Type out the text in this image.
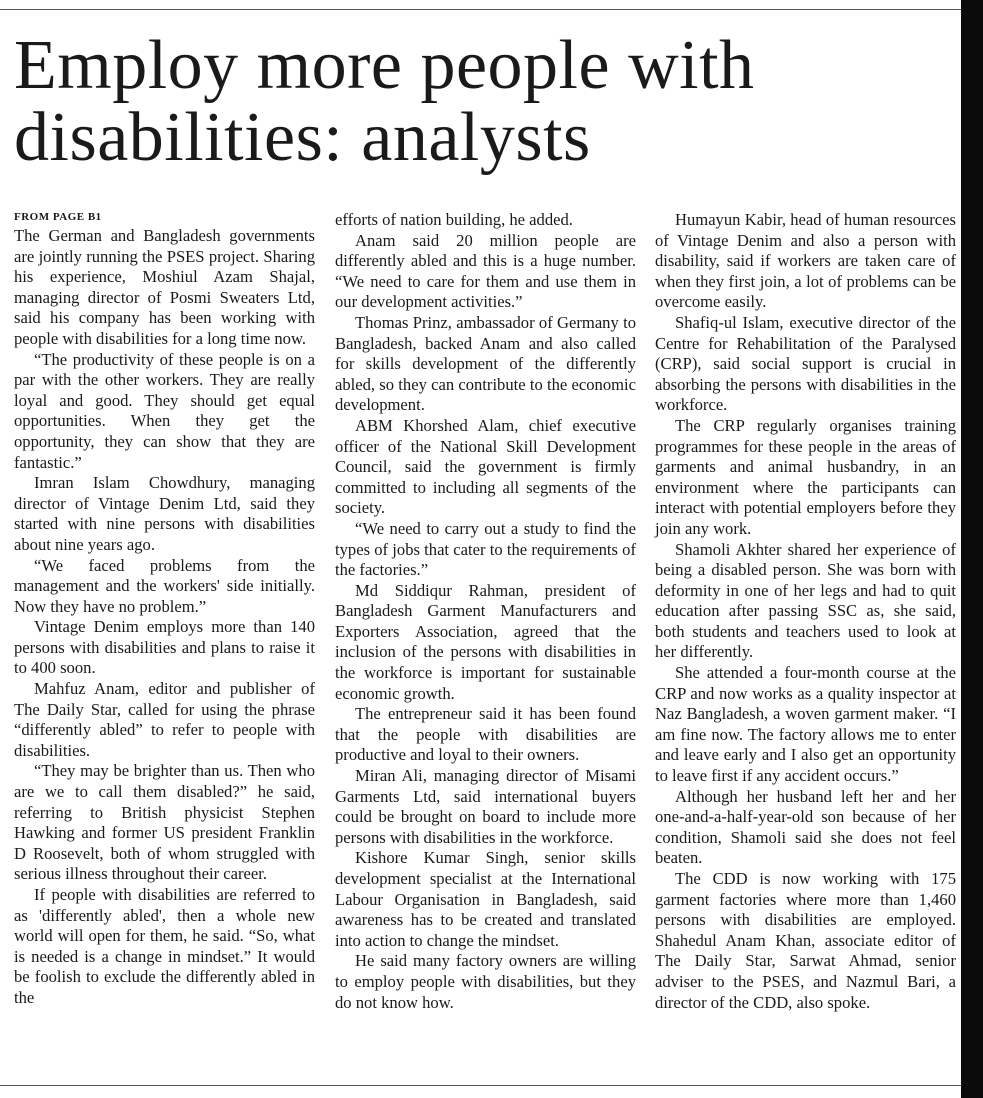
Employ more people with disabilities: analysts
FROM PAGE B1

The German and Bangladesh governments are jointly running the PSES project. Sharing his experience, Moshiul Azam Shajal, managing director of Posmi Sweaters Ltd, said his company has been working with people with disabilities for a long time now.

“The productivity of these people is on a par with the other workers. They are really loyal and good. They should get equal opportunities. When they get the opportunity, they can show that they are fantastic.”

Imran Islam Chowdhury, managing director of Vintage Denim Ltd, said they started with nine persons with disabilities about nine years ago.

“We faced problems from the management and the workers' side initially. Now they have no problem.”

Vintage Denim employs more than 140 persons with disabilities and plans to raise it to 400 soon.

Mahfuz Anam, editor and publisher of The Daily Star, called for using the phrase “differently abled” to refer to people with disabilities.

“They may be brighter than us. Then who are we to call them disabled?” he said, referring to British physicist Stephen Hawking and former US president Franklin D Roosevelt, both of whom struggled with serious illness throughout their career.

If people with disabilities are referred to as 'differently abled', then a whole new world will open for them, he said. “So, what is needed is a change in mindset.” It would be foolish to exclude the differently abled in the

efforts of nation building, he added.

Anam said 20 million people are differently abled and this is a huge number. “We need to care for them and use them in our development activities.”

Thomas Prinz, ambassador of Germany to Bangladesh, backed Anam and also called for skills development of the differently abled, so they can contribute to the economic development.

ABM Khorshed Alam, chief executive officer of the National Skill Development Council, said the government is firmly committed to including all segments of the society.

“We need to carry out a study to find the types of jobs that cater to the requirements of the factories.”

Md Siddiqur Rahman, president of Bangladesh Garment Manufacturers and Exporters Association, agreed that the inclusion of the persons with disabilities in the workforce is important for sustainable economic growth.

The entrepreneur said it has been found that the people with disabilities are productive and loyal to their owners.

Miran Ali, managing director of Misami Garments Ltd, said international buyers could be brought on board to include more persons with disabilities in the workforce.

Kishore Kumar Singh, senior skills development specialist at the International Labour Organisation in Bangladesh, said awareness has to be created and translated into action to change the mindset.

He said many factory owners are willing to employ people with disabilities, but they do not know how.

Humayun Kabir, head of human resources of Vintage Denim and also a person with disability, said if workers are taken care of when they first join, a lot of problems can be overcome easily.

Shafiq-ul Islam, executive director of the Centre for Rehabilitation of the Paralysed (CRP), said social support is crucial in absorbing the persons with disabilities in the workforce.

The CRP regularly organises training programmes for these people in the areas of garments and animal husbandry, in an environment where the participants can interact with potential employers before they join any work.

Shamoli Akhter shared her experience of being a disabled person. She was born with deformity in one of her legs and had to quit education after passing SSC as, she said, both students and teachers used to look at her differently.

She attended a four-month course at the CRP and now works as a quality inspector at Naz Bangladesh, a woven garment maker. “I am fine now. The factory allows me to enter and leave early and I also get an opportunity to leave first if any accident occurs.”

Although her husband left her and her one-and-a-half-year-old son because of her condition, Shamoli said she does not feel beaten.

The CDD is now working with 175 garment factories where more than 1,460 persons with disabilities are employed. Shahedul Anam Khan, associate editor of The Daily Star, Sarwat Ahmad, senior adviser to the PSES, and Nazmul Bari, a director of the CDD, also spoke.
